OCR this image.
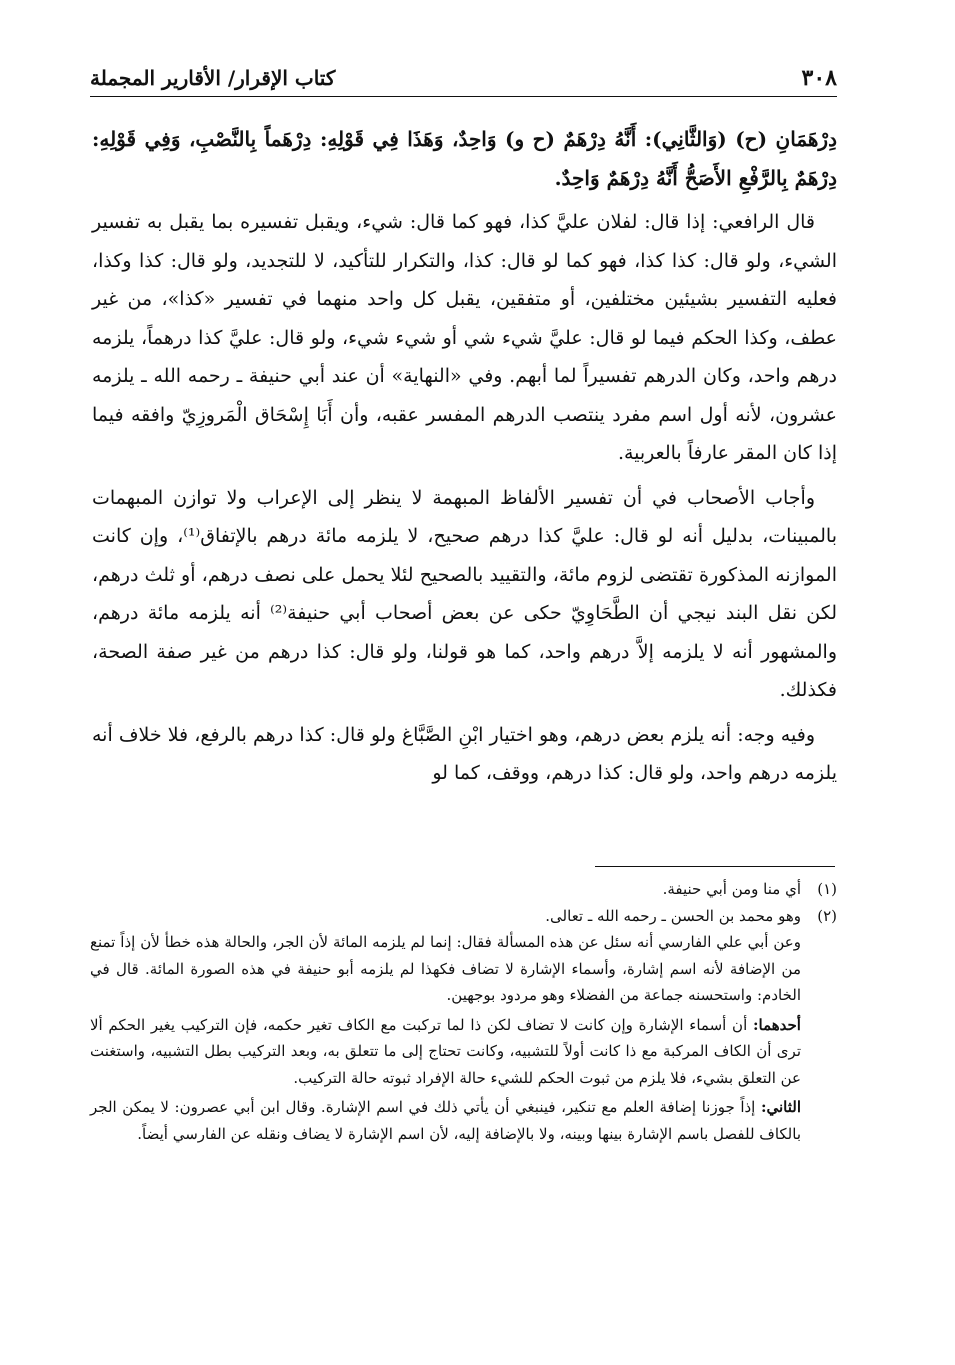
٣٠٨
كتاب الإقرار/ الأقارير المجملة

دِرْهَمَانِ (ح) (وَالثَّانِي): أَنَّهُ دِرْهَمٌ (ح و) وَاحِدٌ، وَهَذَا فِي قَوْلِهِ: دِرْهَماً بِالنَّصْبِ، وَفِي قَوْلِهِ: دِرْهَمٌ بِالرَّفْعِ الأَصَحُّ أَنَّهُ دِرْهَمٌ وَاحِدٌ.

قال الرافعي: إذا قال: لفلان عليَّ كذا، فهو كما قال: شيء، ويقبل تفسيره بما يقبل به تفسير الشيء، ولو قال: كذا كذا، فهو كما لو قال: كذا، والتكرار للتأكيد، لا للتجديد، ولو قال: كذا وكذا، فعليه التفسير بشيئين مختلفين، أو متفقين، يقبل كل واحد منهما في تفسير «كذا»، من غير عطف، وكذا الحكم فيما لو قال: عليَّ شيء شي أو شيء شيء، ولو قال: عليَّ كذا درهماً، يلزمه درهم واحد، وكان الدرهم تفسيراً لما أبهم. وفي «النهاية» أن عند أبي حنيفة ـ رحمه الله ـ يلزمه عشرون، لأنه أول اسم مفرد ينتصب الدرهم المفسر عقبه، وأن أَبَا إِسْحَاق الْمَروزِيّ وافقه فيما إذا كان المقر عارفاً بالعربية.

وأجاب الأصحاب في أن تفسير الألفاظ المبهمة لا ينظر إلى الإعراب ولا توازن المبهمات بالمبينات، بدليل أنه لو قال: عليَّ كذا درهم صحيح، لا يلزمه مائة درهم بالإتفاق⁽¹⁾، وإن كانت الموازنه المذكورة تقتضى لزوم مائة، والتقييد بالصحيح لئلا يحمل على نصف درهم، أو ثلث درهم، لكن نقل البند نيجي أن الطَّحَاوِيّ حكى عن بعض أصحاب أبي حنيفة⁽²⁾ أنه يلزمه مائة درهم، والمشهور أنه لا يلزمه إلاَّ درهم واحد، كما هو قولنا، ولو قال: كذا درهم من غير صفة الصحة، فكذلك.

وفيه وجه: أنه يلزم بعض درهم، وهو اختيار ابْنِ الصَّبَّاغ ولو قال: كذا درهم بالرفع، فلا خلاف أنه يلزمه درهم واحد، ولو قال: كذا درهم، ووقف، كما لو

(١)
أي منا ومن أبي حنيفة.
(٢)
وهو محمد بن الحسن ـ رحمه الله ـ تعالى.
وعن أبي علي الفارسي أنه سئل عن هذه المسألة فقال: إنما لم يلزمه المائة لأن الجر، والحالة هذه خطأ لأن إذاً تمنع من الإضافة لأنه اسم إشارة، وأسماء الإشارة لا تضاف فكهذا لم يلزمه أبو حنيفة في هذه الصورة المائة. قال في الخادم: واستحسنه جماعة من الفضلاء وهو مردود بوجهين.
أحدهما: أن أسماء الإشارة وإن كانت لا تضاف لكن ذا لما تركبت مع الكاف تغير حكمه، فإن التركيب يغير الحكم ألا ترى أن الكاف المركبة مع ذا كانت أولاً للتشبيه، وكانت تحتاج إلى ما تتعلق به، وبعد التركيب بطل التشبيه، واستغنت عن التعلق بشيء، فلا يلزم من ثبوت الحكم للشيء حالة الإفراد ثبوته حالة التركيب.
الثاني: إذاً جوزنا إضافة العلم مع تنكير، فينبغي أن يأتي ذلك في اسم الإشارة. وقال ابن أبي عصرون: لا يمكن الجر بالكاف للفصل باسم الإشارة بينها وبينه، ولا بالإضافة إليه، لأن اسم الإشارة لا يضاف ونقله عن الفارسي أيضاً.
